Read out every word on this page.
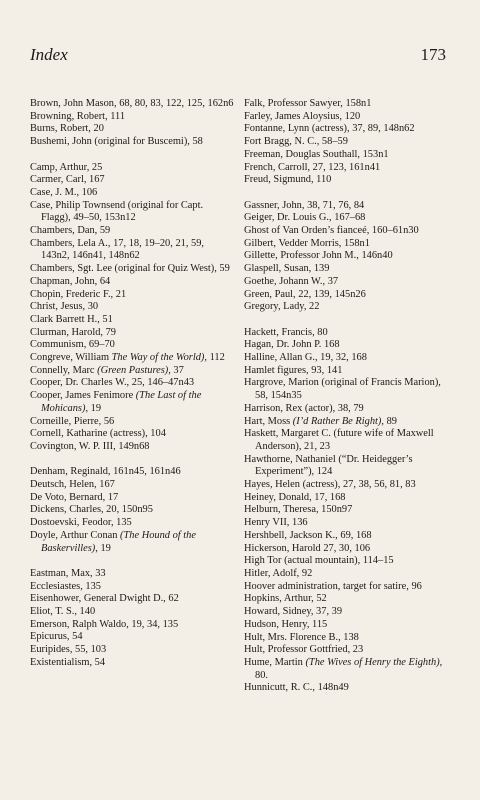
Index	173
Brown, John Mason, 68, 80, 83, 122, 125, 162n6
Browning, Robert, 111
Burns, Robert, 20
Bushemi, John (original for Buscemi), 58
Camp, Arthur, 25
Carmer, Carl, 167
Case, J. M., 106
Case, Philip Townsend (original for Capt. Flagg), 49–50, 153n12
Chambers, Dan, 59
Chambers, Lela A., 17, 18, 19–20, 21, 59, 143n2, 146n41, 148n62
Chambers, Sgt. Lee (original for Quiz West), 59
Chapman, John, 64
Chopin, Frederic F., 21
Christ, Jesus, 30
Clark Barrett H., 51
Clurman, Harold, 79
Communism, 69–70
Congreve, William The Way of the World), 112
Connelly, Marc (Green Pastures), 37
Cooper, Dr. Charles W., 25, 146–47n43
Cooper, James Fenimore (The Last of the Mohicans), 19
Corneille, Pierre, 56
Cornell, Katharine (actress), 104
Covington, W. P. III, 149n68
Denham, Reginald, 161n45, 161n46
Deutsch, Helen, 167
De Voto, Bernard, 17
Dickens, Charles, 20, 150n95
Dostoevski, Feodor, 135
Doyle, Arthur Conan (The Hound of the Baskervilles), 19
Eastman, Max, 33
Ecclesiastes, 135
Eisenhower, General Dwight D., 62
Eliot, T. S., 140
Emerson, Ralph Waldo, 19, 34, 135
Epicurus, 54
Euripides, 55, 103
Existentialism, 54
Falk, Professor Sawyer, 158n1
Farley, James Aloysius, 120
Fontanne, Lynn (actress), 37, 89, 148n62
Fort Bragg, N. C., 58–59
Freeman, Douglas Southall, 153n1
French, Carroll, 27, 123, 161n41
Freud, Sigmund, 110
Gassner, John, 38, 71, 76, 84
Geiger, Dr. Louis G., 167–68
Ghost of Van Orden’s fianceé, 160–61n30
Gilbert, Vedder Morris, 158n1
Gillette, Professor John M., 146n40
Glaspell, Susan, 139
Goethe, Johann W., 37
Green, Paul, 22, 139, 145n26
Gregory, Lady, 22
Hackett, Francis, 80
Hagan, Dr. John P. 168
Halline, Allan G., 19, 32, 168
Hamlet figures, 93, 141
Hargrove, Marion (original of Francis Marion), 58, 154n35
Harrison, Rex (actor), 38, 79
Hart, Moss (I’d Rather Be Right), 89
Haskett, Margaret C. (future wife of Maxwell Anderson), 21, 23
Hawthorne, Nathaniel (“Dr. Heidegger’s Experiment”), 124
Hayes, Helen (actress), 27, 38, 56, 81, 83
Heiney, Donald, 17, 168
Helburn, Theresa, 150n97
Henry VII, 136
Hershbell, Jackson K., 69, 168
Hickerson, Harold 27, 30, 106
High Tor (actual mountain), 114–15
Hitler, Adolf, 92
Hoover administration, target for satire, 96
Hopkins, Arthur, 52
Howard, Sidney, 37, 39
Hudson, Henry, 115
Hult, Mrs. Florence B., 138
Hult, Professor Gottfried, 23
Hume, Martin (The Wives of Henry the Eighth), 80.
Hunnicutt, R. C., 148n49
